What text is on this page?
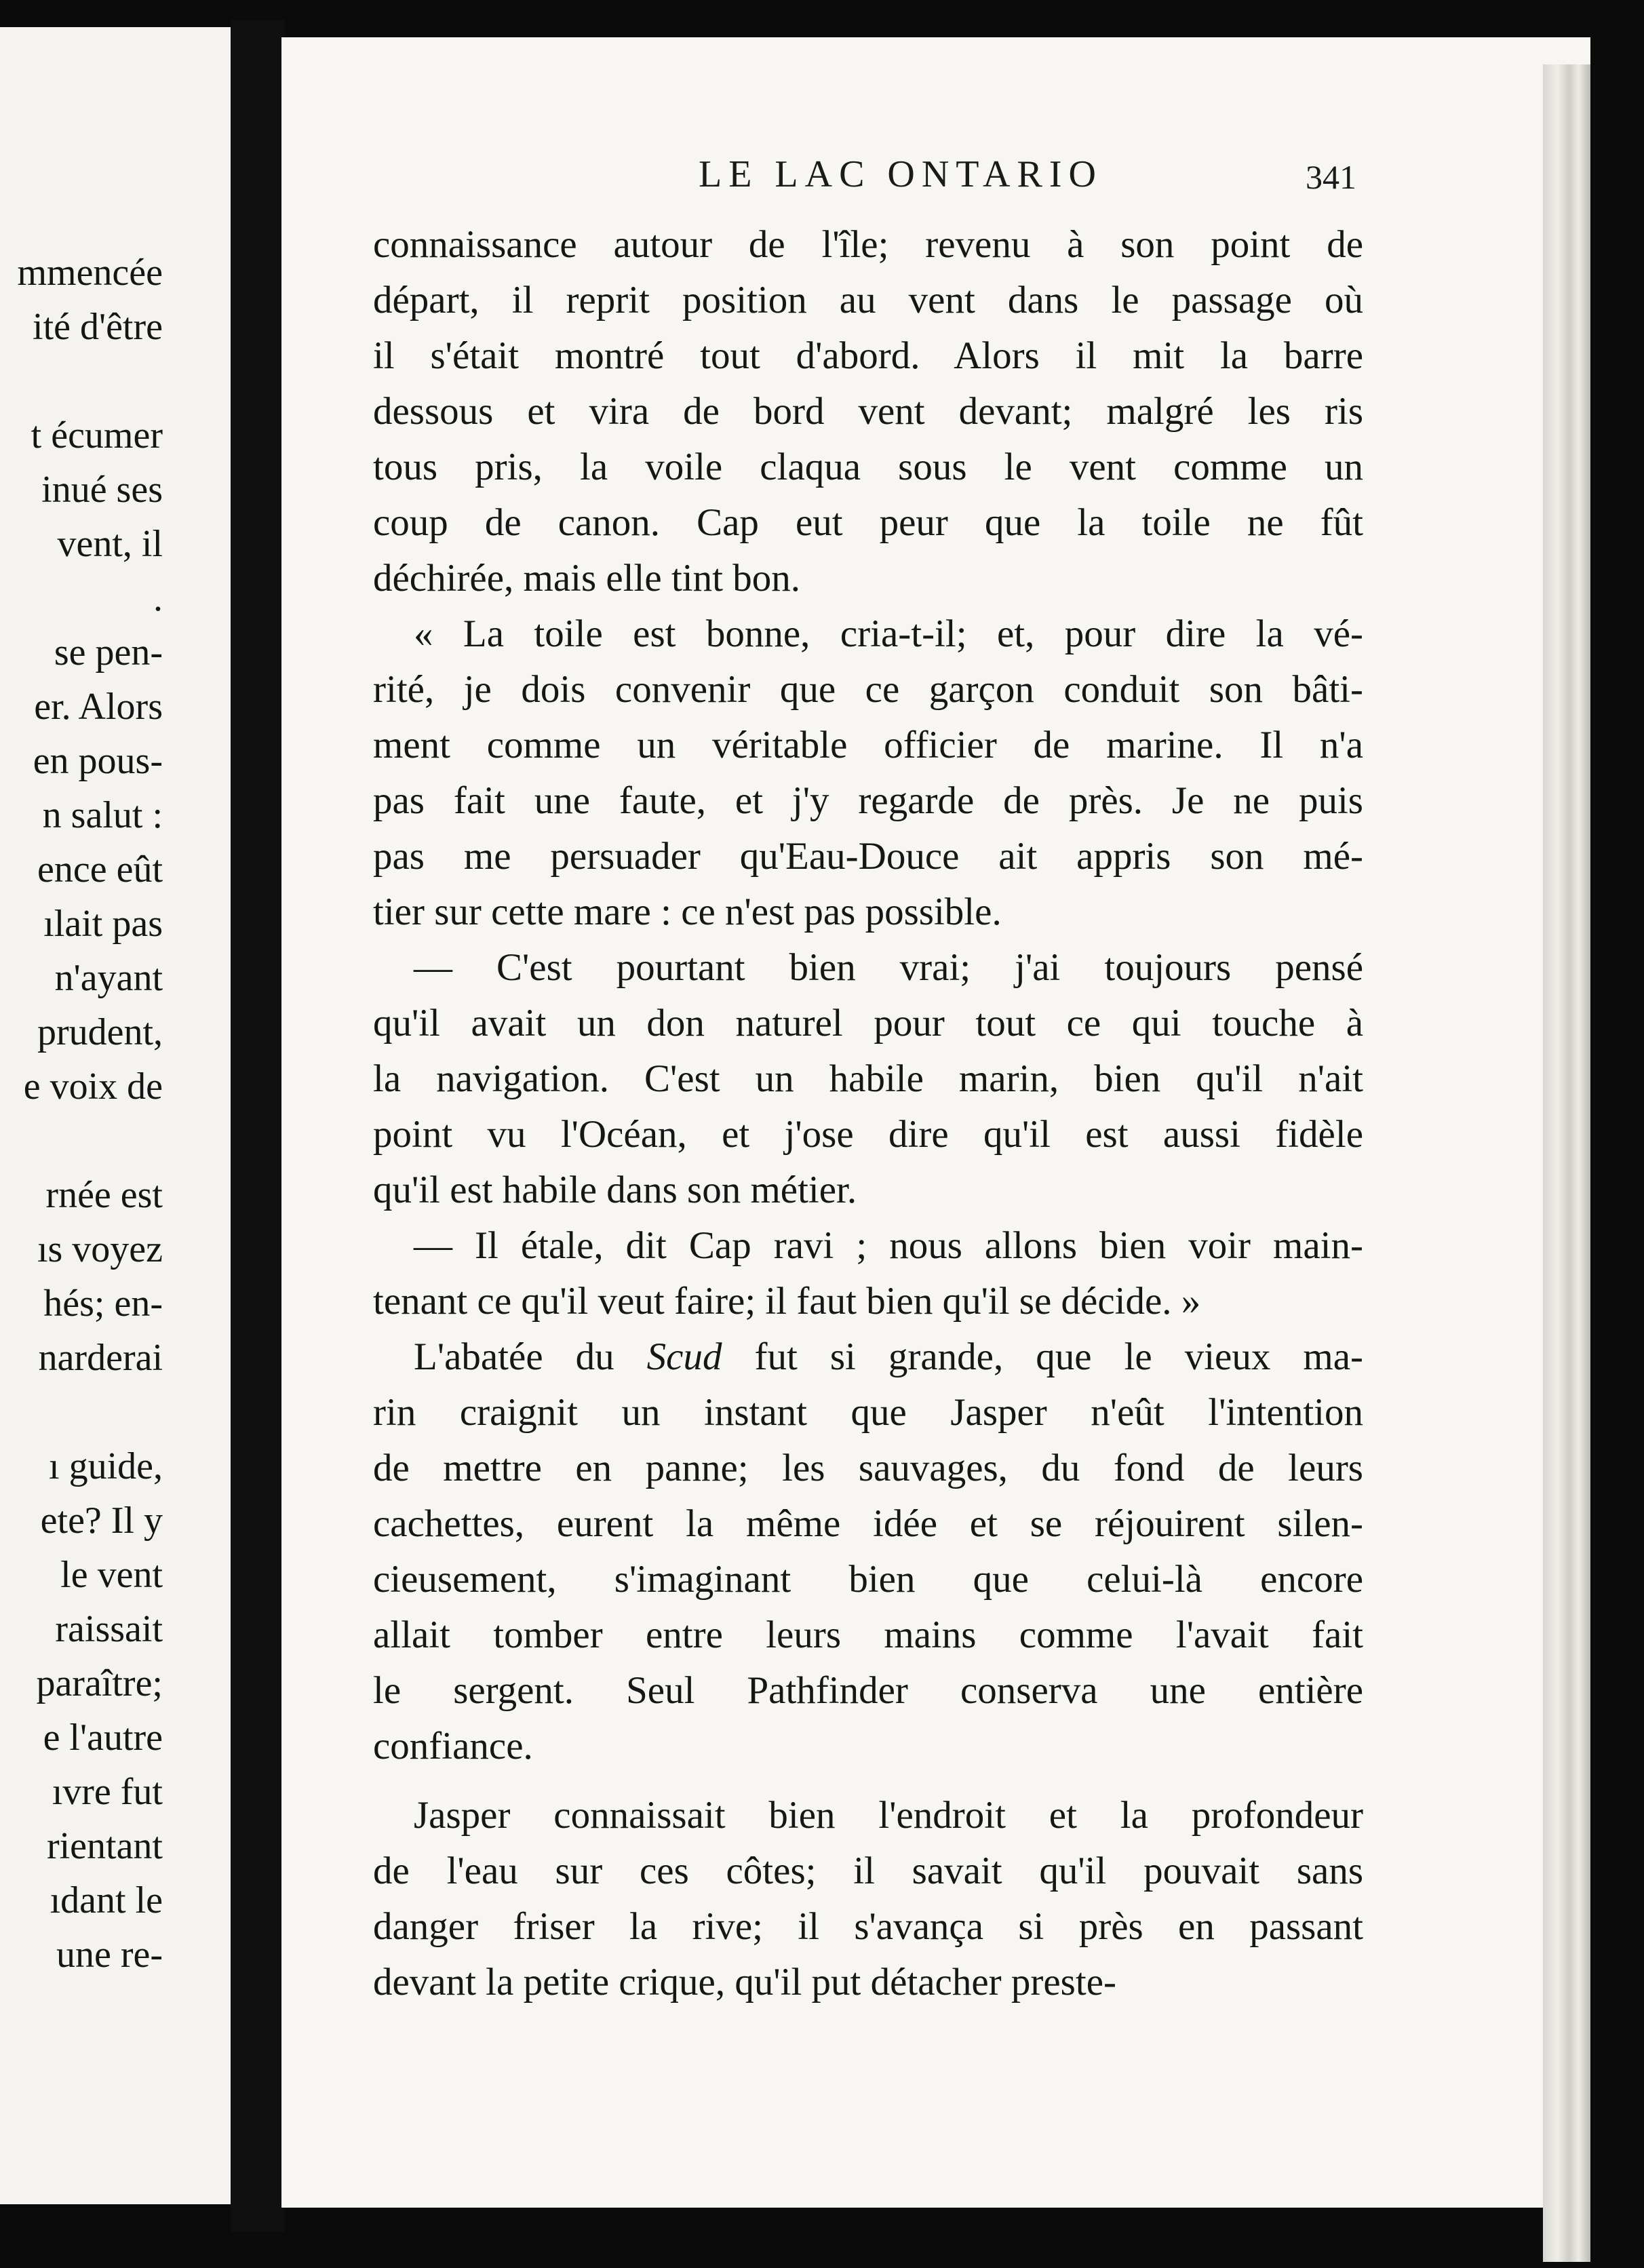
mmencée
ité d'être
t écumer
inué ses
vent, il
.
se pen-
er. Alors
en pous-
n salut :
ence eût
ılait pas
n'ayant
prudent,
e voix de
rnée est
ıs voyez
hés; en-
narderai
ı guide,
ete? Il y
le vent
raissait
paraître;
e l'autre
ıvre fut
rientant
ıdant le
une re-
LE LAC ONTARIO	341
connaissance autour de l'île; revenu à son point de
départ, il reprit position au vent dans le passage où
il s'était montré tout d'abord. Alors il mit la barre
dessous et vira de bord vent devant; malgré les ris
tous pris, la voile claqua sous le vent comme un
coup de canon. Cap eut peur que la toile ne fût
déchirée, mais elle tint bon.
« La toile est bonne, cria-t-il; et, pour dire la vé-
rité, je dois convenir que ce garçon conduit son bâti-
ment comme un véritable officier de marine. Il n'a
pas fait une faute, et j'y regarde de près. Je ne puis
pas me persuader qu'Eau-Douce ait appris son mé-
tier sur cette mare : ce n'est pas possible.
— C'est pourtant bien vrai; j'ai toujours pensé
qu'il avait un don naturel pour tout ce qui touche à
la navigation. C'est un habile marin, bien qu'il n'ait
point vu l'Océan, et j'ose dire qu'il est aussi fidèle
qu'il est habile dans son métier.
— Il étale, dit Cap ravi ; nous allons bien voir main-
tenant ce qu'il veut faire; il faut bien qu'il se décide. »
L'abatée du Scud fut si grande, que le vieux ma-
rin craignit un instant que Jasper n'eût l'intention
de mettre en panne; les sauvages, du fond de leurs
cachettes, eurent la même idée et se réjouirent silen-
cieusement, s'imaginant bien que celui-là encore
allait tomber entre leurs mains comme l'avait fait
le sergent. Seul Pathfinder conserva une entière
confiance.
Jasper connaissait bien l'endroit et la profondeur
de l'eau sur ces côtes; il savait qu'il pouvait sans
danger friser la rive; il s'avança si près en passant
devant la petite crique, qu'il put détacher preste-
